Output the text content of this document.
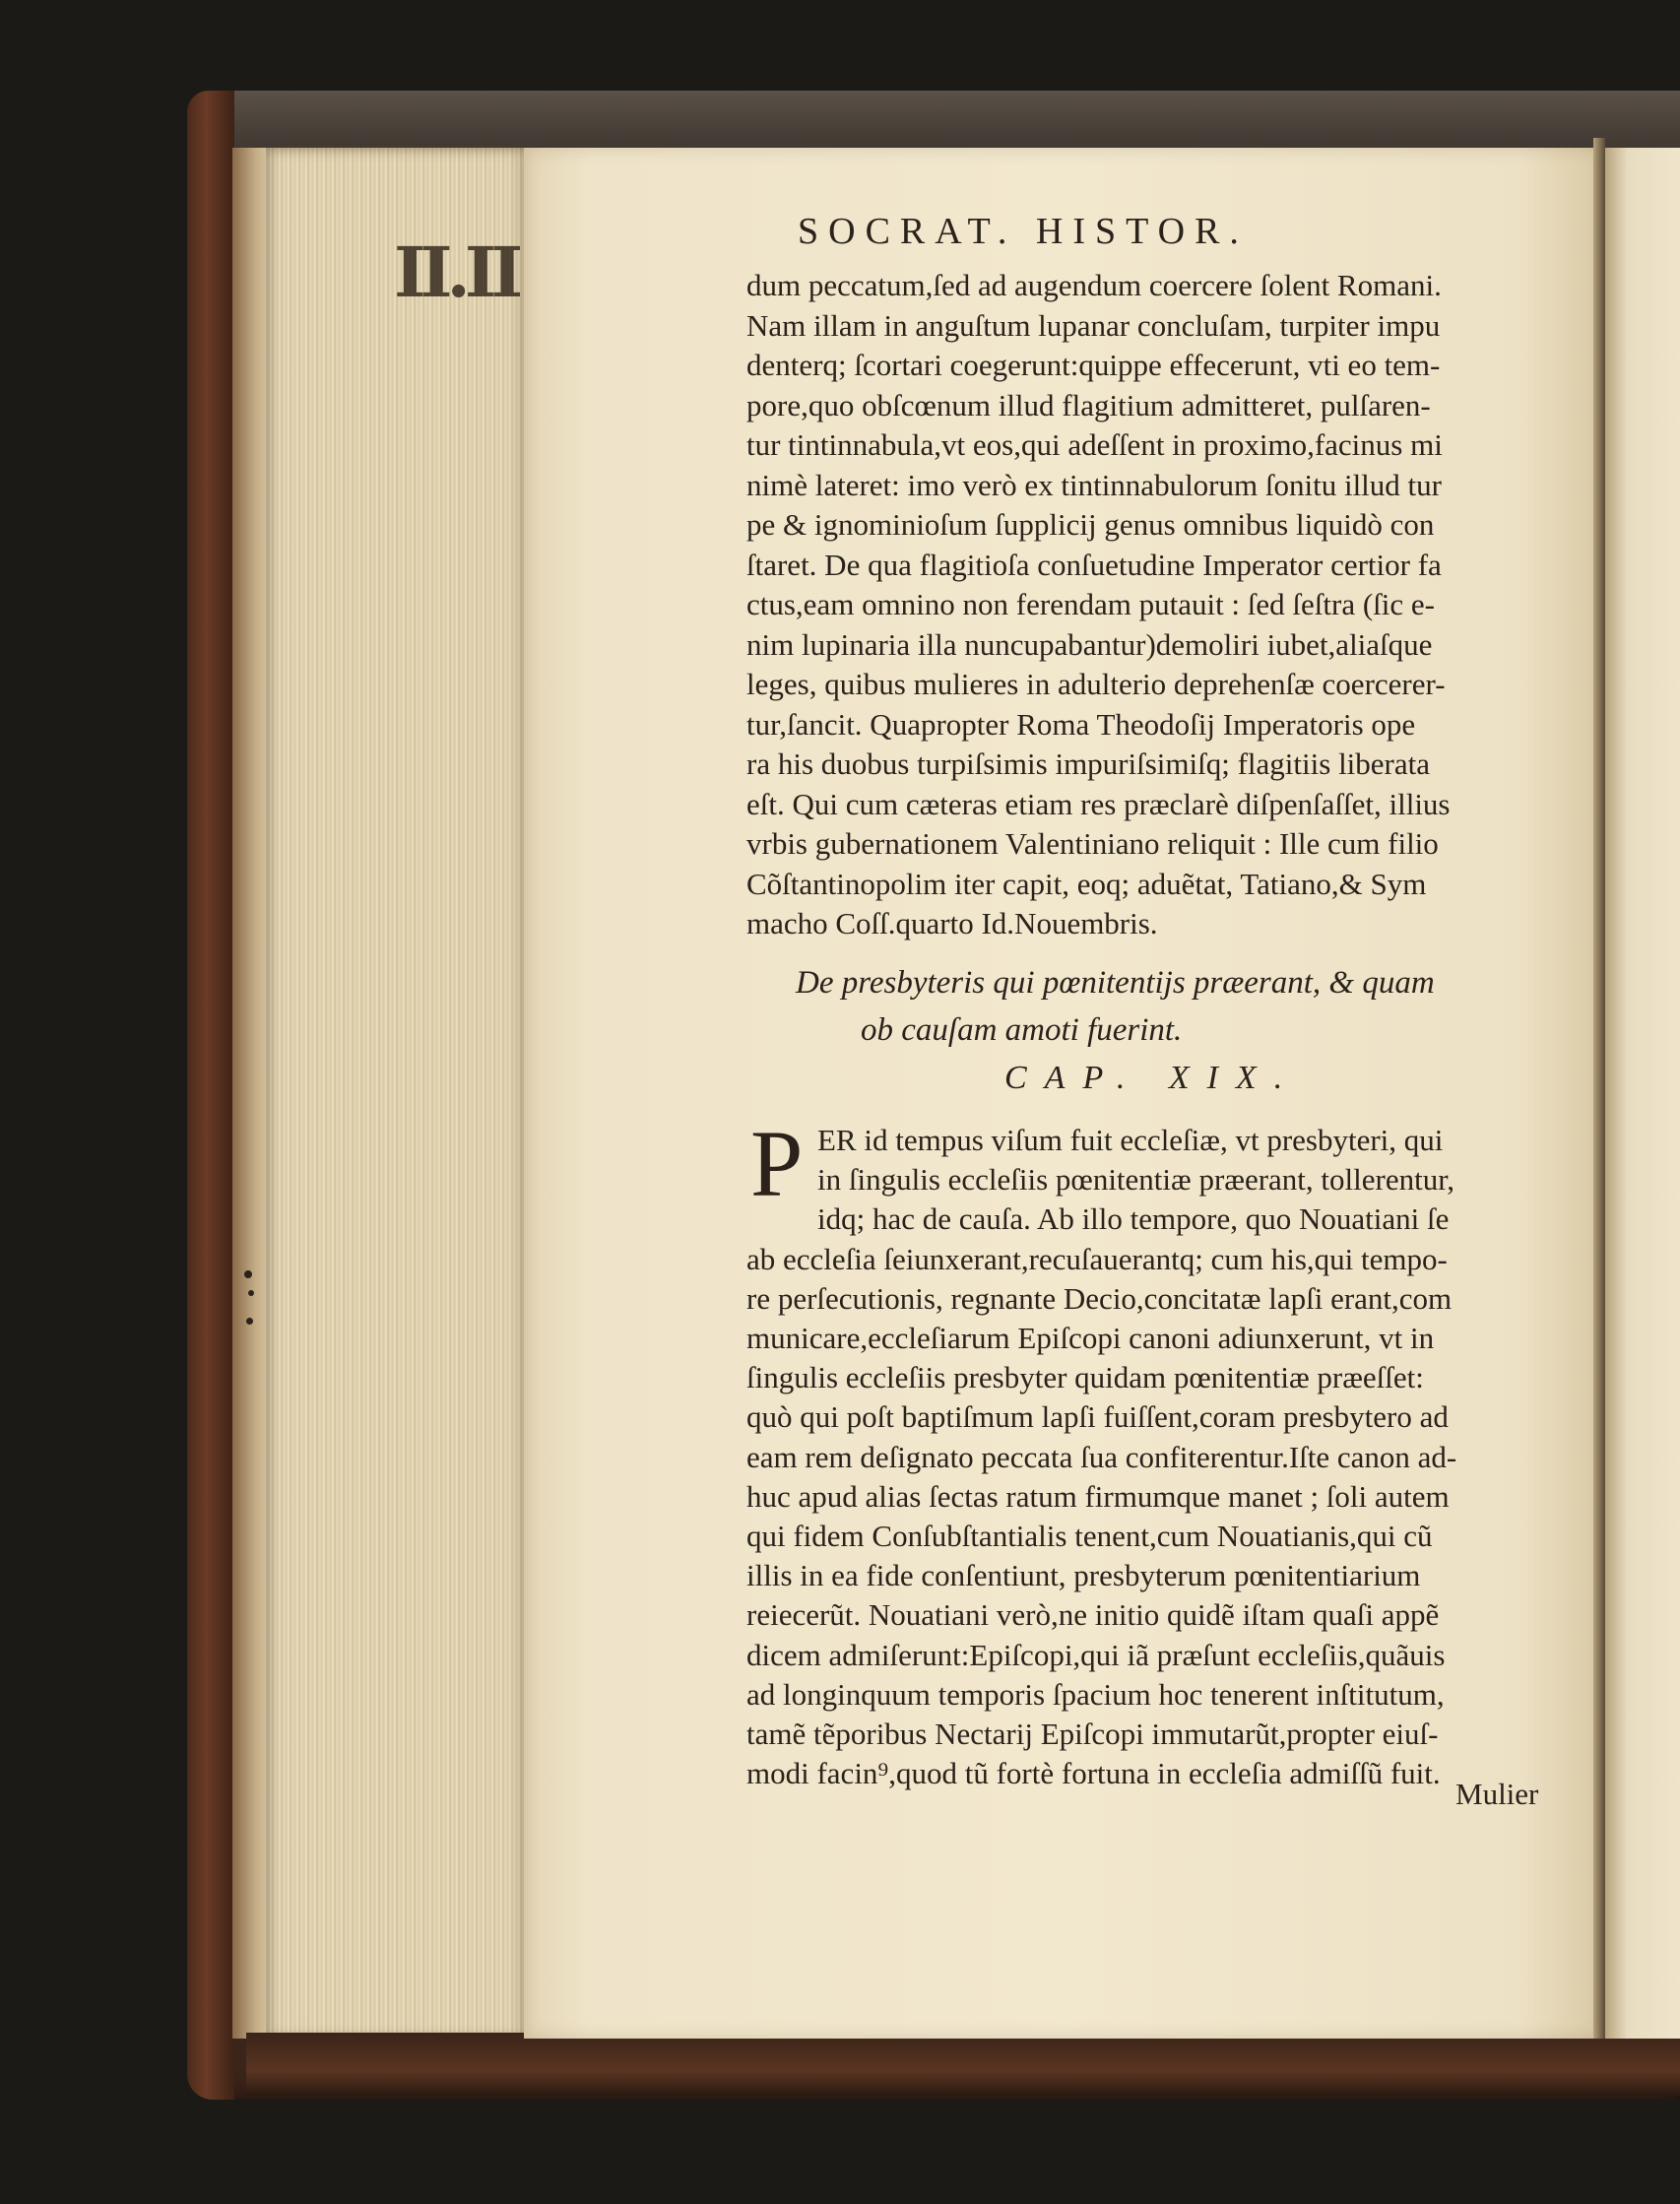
II.II	SOCRAT. HISTOR.
dum peccatum,ſed ad augendum coercere ſolent Romani.
Nam illam in anguſtum lupanar concluſam, turpiter impu
denterq; ſcortari coegerunt:quippe effecerunt, vti eo tem-
pore,quo obſcœnum illud flagitium admitteret, pulſaren-
tur tintinnabula,vt eos,qui adeſſent in proximo,facinus mi
nimè lateret: imo verò ex tintinnabulorum ſonitu illud tur
pe & ignominioſum ſupplicij genus omnibus liquidò con
ſtaret. De qua flagitioſa conſuetudine Imperator certior fa
ctus,eam omnino non ferendam putauit : ſed ſeſtra (ſic e-
nim lupinaria illa nuncupabantur)demoliri iubet,aliaſque
leges, quibus mulieres in adulterio deprehenſæ coercerer-
tur,ſancit. Quapropter Roma Theodoſij Imperatoris ope
ra his duobus turpiſsimis impuriſsimiſq; flagitiis liberata
eſt. Qui cum cæteras etiam res præclarè diſpenſaſſet, illius
vrbis gubernationem Valentiniano reliquit : Ille cum filio
Cõſtantinopolim iter capit, eoq; aduẽtat, Tatiano,& Sym
macho Coſſ.quarto Id.Nouembris.
De presbyteris qui pœnitentijs præerant, & quam
ob cauſam amoti fuerint.
CAP. XIX.
P ER id tempus viſum fuit eccleſiæ, vt presbyteri, qui
in ſingulis eccleſiis pœnitentiæ præerant, tollerentur,
idq; hac de cauſa. Ab illo tempore, quo Nouatiani ſe
ab eccleſia ſeiunxerant,recuſauerantq; cum his,qui tempo-
re perſecutionis, regnante Decio,concitatæ lapſi erant,com
municare,eccleſiarum Epiſcopi canoni adiunxerunt, vt in
ſingulis eccleſiis presbyter quidam pœnitentiæ præeſſet:
quò qui poſt baptiſmum lapſi fuiſſent,coram presbytero ad
eam rem deſignato peccata ſua confiterentur.Iſte canon ad-
huc apud alias ſectas ratum firmumque manet ; ſoli autem
qui fidem Conſubſtantialis tenent,cum Nouatianis,qui cũ
illis in ea fide conſentiunt, presbyterum pœnitentiarium
reiecerũt. Nouatiani verò,ne initio quidẽ iſtam quaſi appẽ
dicem admiſerunt:Epiſcopi,qui iã præſunt eccleſiis,quãuis
ad longinquum temporis ſpacium hoc tenerent inſtitutum,
tamẽ tẽporibus Nectarij Epiſcopi immutarũt,propter eiuſ-
modi facin⁹,quod tũ fortè fortuna in eccleſia admiſſũ fuit.
Mulier
